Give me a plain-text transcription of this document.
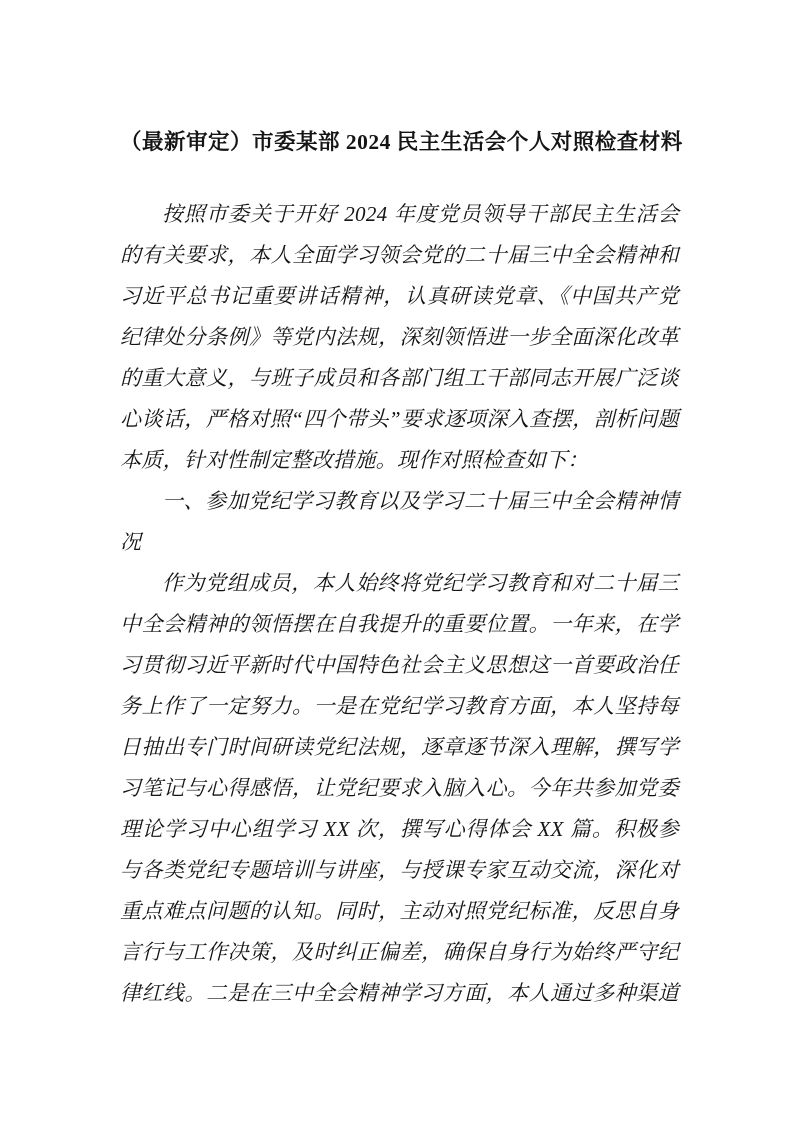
（最新审定）市委某部 2024 民主生活会个人对照检查材料

按照市委关于开好 2024 年度党员领导干部民主生活会的有关要求，本人全面学习领会党的二十届三中全会精神和习近平总书记重要讲话精神，认真研读党章、《中国共产党纪律处分条例》等党内法规，深刻领悟进一步全面深化改革的重大意义，与班子成员和各部门组工干部同志开展广泛谈心谈话，严格对照“四个带头”要求逐项深入查摆，剖析问题本质，针对性制定整改措施。现作对照检查如下：

一、参加党纪学习教育以及学习二十届三中全会精神情况

作为党组成员，本人始终将党纪学习教育和对二十届三中全会精神的领悟摆在自我提升的重要位置。一年来，在学习贯彻习近平新时代中国特色社会主义思想这一首要政治任务上作了一定努力。一是在党纪学习教育方面，本人坚持每日抽出专门时间研读党纪法规，逐章逐节深入理解，撰写学习笔记与心得感悟，让党纪要求入脑入心。今年共参加党委理论学习中心组学习 XX 次，撰写心得体会 XX 篇。积极参与各类党纪专题培训与讲座，与授课专家互动交流，深化对重点难点问题的认知。同时，主动对照党纪标准，反思自身言行与工作决策，及时纠正偏差，确保自身行为始终严守纪律红线。二是在三中全会精神学习方面，本人通过多种渠道
